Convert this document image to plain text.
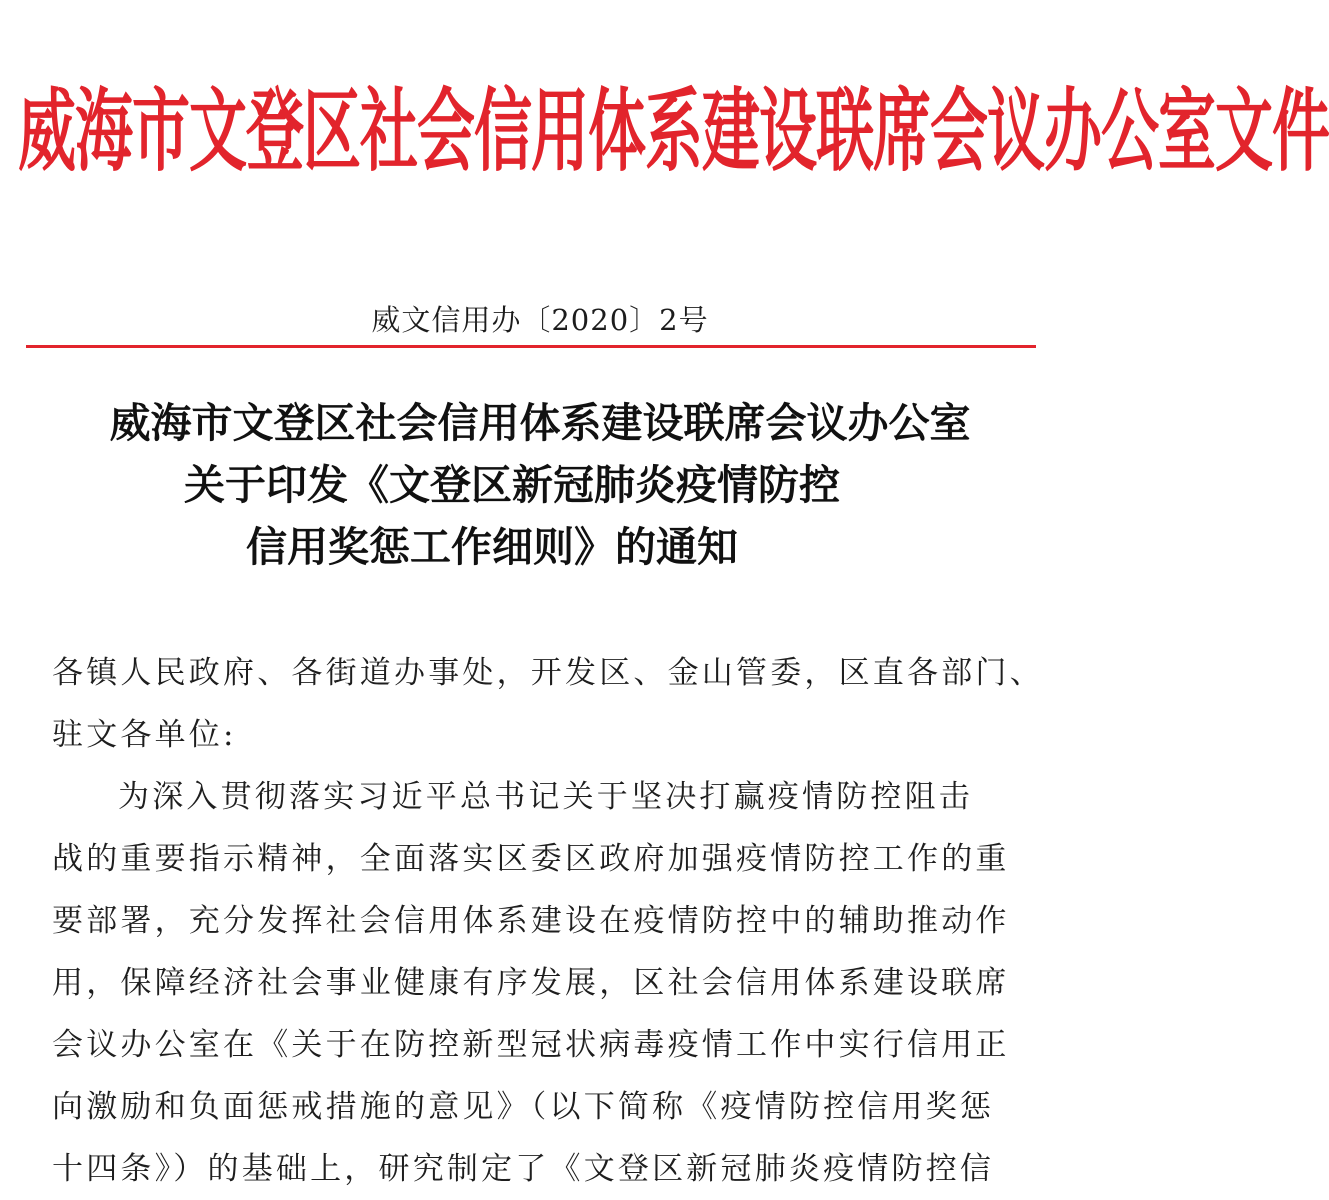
威海市文登区社会信用体系建设联席会议办公室文件
威文信用办〔2020〕2号
威海市文登区社会信用体系建设联席会议办公室
关于印发《文登区新冠肺炎疫情防控
信用奖惩工作细则》的通知
各镇人民政府、各街道办事处，开发区、金山管委，区直各部门、
驻文各单位:
为深入贯彻落实习近平总书记关于坚决打赢疫情防控阻击
战的重要指示精神，全面落实区委区政府加强疫情防控工作的重
要部署，充分发挥社会信用体系建设在疫情防控中的辅助推动作
用，保障经济社会事业健康有序发展，区社会信用体系建设联席
会议办公室在《关于在防控新型冠状病毒疫情工作中实行信用正
向激励和负面惩戒措施的意见》（以下简称《疫情防控信用奖惩
十四条》）的基础上，研究制定了《文登区新冠肺炎疫情防控信
